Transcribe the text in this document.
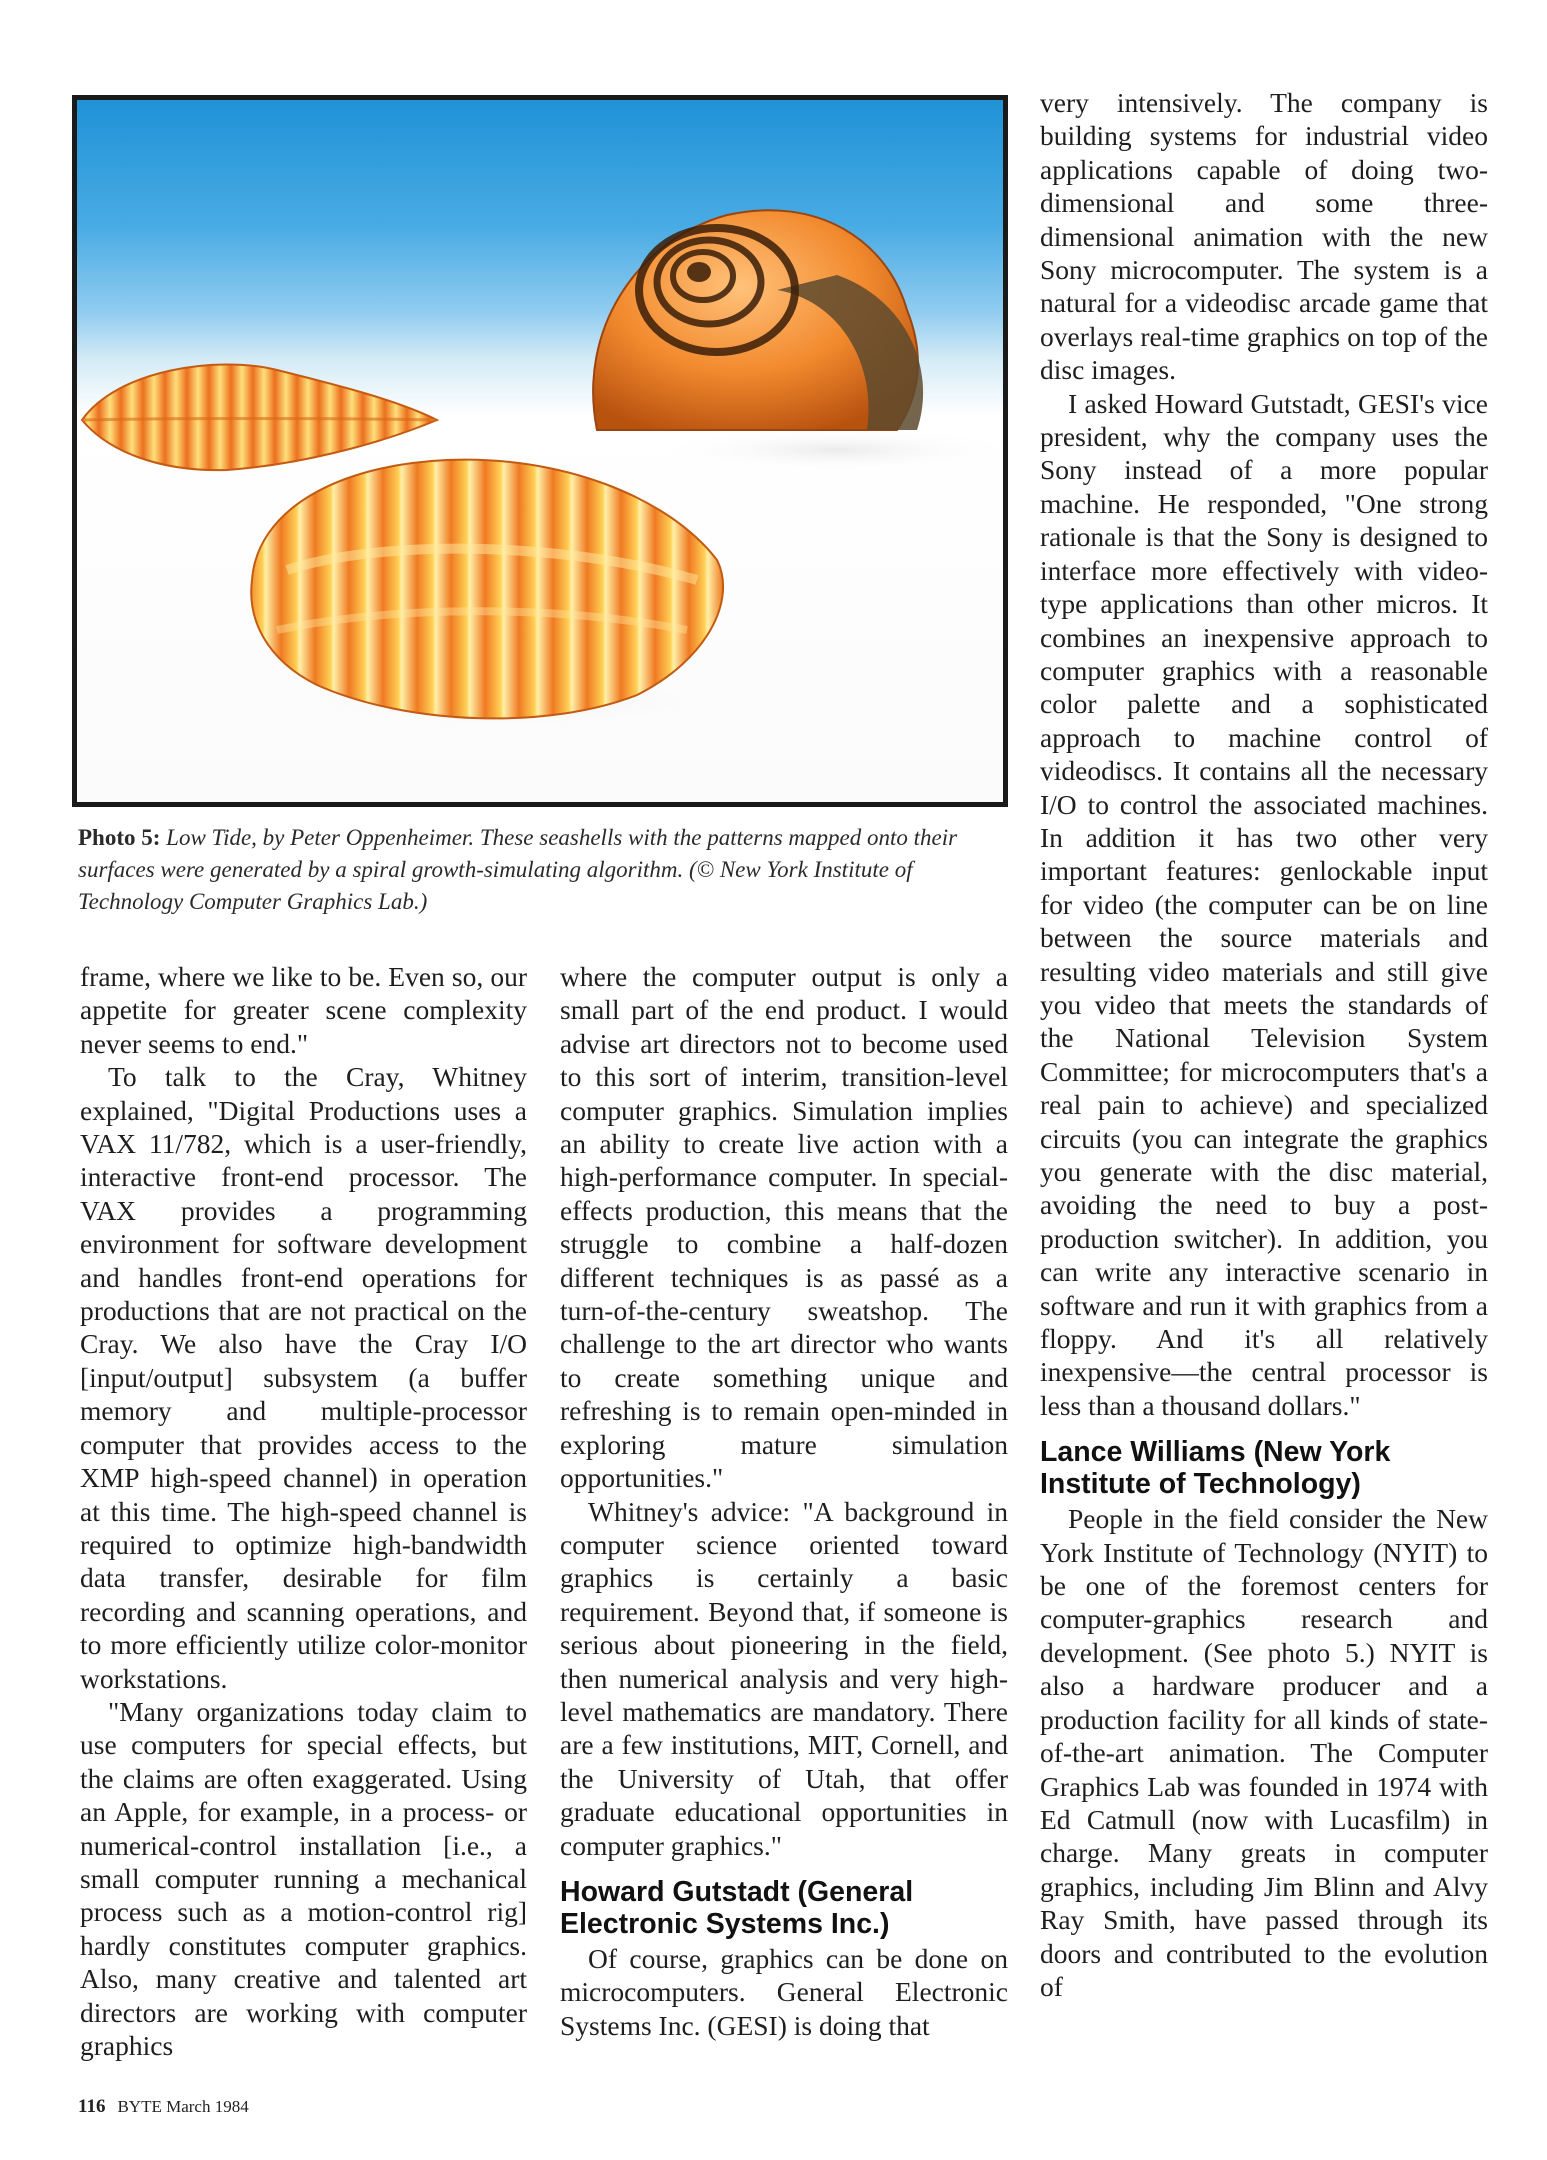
Photo 5: Low Tide, by Peter Oppenheimer. These seashells with the patterns mapped onto their surfaces were generated by a spiral growth-simulating algorithm. (© New York Institute of Technology Computer Graphics Lab.)

frame, where we like to be. Even so, our appetite for greater scene complexity never seems to end."

To talk to the Cray, Whitney explained, "Digital Productions uses a VAX 11/782, which is a user-friendly, interactive front-end processor. The VAX provides a programming environment for software development and handles front-end operations for productions that are not practical on the Cray. We also have the Cray I/O [input/output] subsystem (a buffer memory and multiple-processor computer that provides access to the XMP high-speed channel) in operation at this time. The high-speed channel is required to optimize high-bandwidth data transfer, desirable for film recording and scanning operations, and to more efficiently utilize color-monitor workstations.

"Many organizations today claim to use computers for special effects, but the claims are often exaggerated. Using an Apple, for example, in a process- or numerical-control installation [i.e., a small computer running a mechanical process such as a motion-control rig] hardly constitutes computer graphics. Also, many creative and talented art directors are working with computer graphics

where the computer output is only a small part of the end product. I would advise art directors not to become used to this sort of interim, transition-level computer graphics. Simulation implies an ability to create live action with a high-performance computer. In special-effects production, this means that the struggle to combine a half-dozen different techniques is as passé as a turn-of-the-century sweatshop. The challenge to the art director who wants to create something unique and refreshing is to remain open-minded in exploring mature simulation opportunities."

Whitney's advice: "A background in computer science oriented toward graphics is certainly a basic requirement. Beyond that, if someone is serious about pioneering in the field, then numerical analysis and very high-level mathematics are mandatory. There are a few institutions, MIT, Cornell, and the University of Utah, that offer graduate educational opportunities in computer graphics."

Howard Gutstadt (General Electronic Systems Inc.)

Of course, graphics can be done on microcomputers. General Electronic Systems Inc. (GESI) is doing that

very intensively. The company is building systems for industrial video applications capable of doing two-dimensional and some three-dimensional animation with the new Sony microcomputer. The system is a natural for a videodisc arcade game that overlays real-time graphics on top of the disc images.

I asked Howard Gutstadt, GESI's vice president, why the company uses the Sony instead of a more popular machine. He responded, "One strong rationale is that the Sony is designed to interface more effectively with video-type applications than other micros. It combines an inexpensive approach to computer graphics with a reasonable color palette and a sophisticated approach to machine control of videodiscs. It contains all the necessary I/O to control the associated machines. In addition it has two other very important features: genlockable input for video (the computer can be on line between the source materials and resulting video materials and still give you video that meets the standards of the National Television System Committee; for microcomputers that's a real pain to achieve) and specialized circuits (you can integrate the graphics you generate with the disc material, avoiding the need to buy a post-production switcher). In addition, you can write any interactive scenario in software and run it with graphics from a floppy. And it's all relatively inexpensive—the central processor is less than a thousand dollars."

Lance Williams (New York Institute of Technology)

People in the field consider the New York Institute of Technology (NYIT) to be one of the foremost centers for computer-graphics research and development. (See photo 5.) NYIT is also a hardware producer and a production facility for all kinds of state-of-the-art animation. The Computer Graphics Lab was founded in 1974 with Ed Catmull (now with Lucasfilm) in charge. Many greats in computer graphics, including Jim Blinn and Alvy Ray Smith, have passed through its doors and contributed to the evolution of

116 BYTE March 1984
